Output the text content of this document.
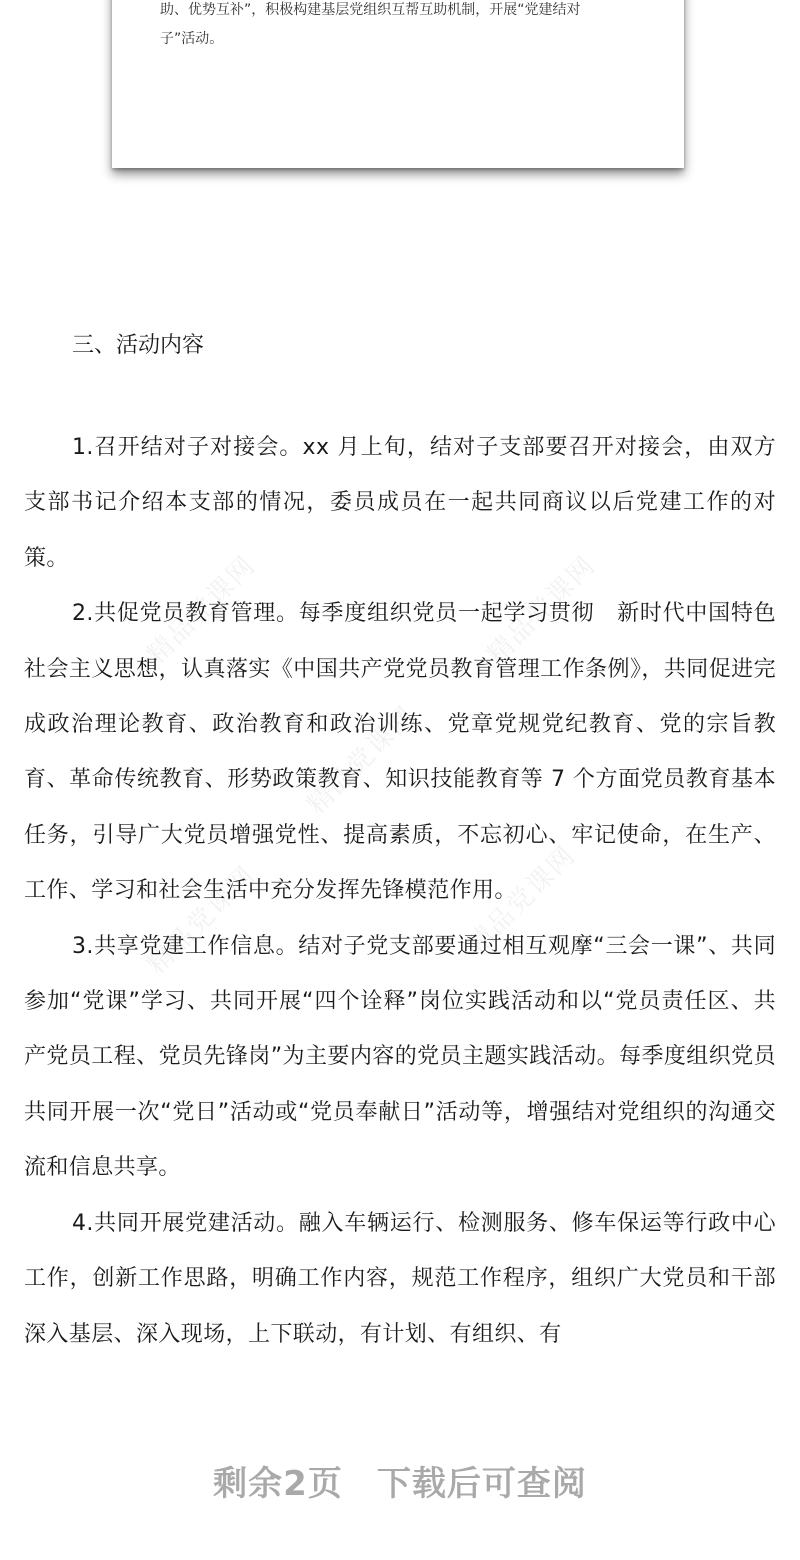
助、优势互补”，积极构建基层党组织互帮互助机制，开展“党建结对

子”活动。

三、活动内容

1.召开结对子对接会。xx 月上旬，结对子支部要召开对接会，由双方支部书记介绍本支部的情况，委员成员在一起共同商议以后党建工作的对策。

2.共促党员教育管理。每季度组织党员一起学习贯彻　新时代中国特色社会主义思想，认真落实《中国共产党党员教育管理工作条例》，共同促进完成政治理论教育、政治教育和政治训练、党章党规党纪教育、党的宗旨教育、革命传统教育、形势政策教育、知识技能教育等 7 个方面党员教育基本任务，引导广大党员增强党性、提高素质，不忘初心、牢记使命，在生产、工作、学习和社会生活中充分发挥先锋模范作用。

3.共享党建工作信息。结对子党支部要通过相互观摩“三会一课”、共同参加“党课”学习、共同开展“四个诠释”岗位实践活动和以“党员责任区、共产党员工程、党员先锋岗”为主要内容的党员主题实践活动。每季度组织党员共同开展一次“党日”活动或“党员奉献日”活动等，增强结对党组织的沟通交流和信息共享。

4.共同开展党建活动。融入车辆运行、检测服务、修车保运等行政中心工作，创新工作思路，明确工作内容，规范工作程序，组织广大党员和干部深入基层、深入现场，上下联动，有计划、有组织、有

精品党课网	精品党课网
精品党课网
精品党课网	精品党课网
剩余2页 下载后可查阅
